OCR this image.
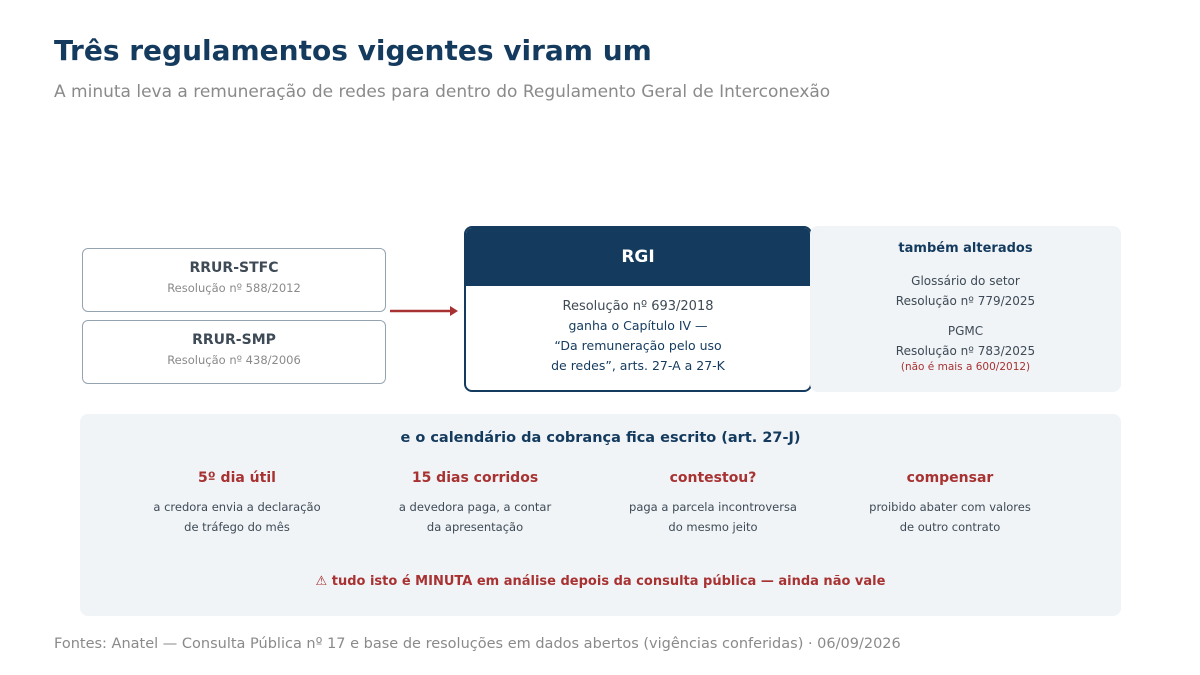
Três regulamentos vigentes viram um
A minuta leva a remuneração de redes para dentro do Regulamento Geral de Interconexão
RRUR-STFC
Resolução nº 588/2012
RRUR-SMP
Resolução nº 438/2006
RGI
Resolução nº 693/2018
ganha o Capítulo IV —
“Da remuneração pelo uso
de redes”, arts. 27-A a 27-K
também alterados
Glossário do setor
Resolução nº 779/2025
PGMC
Resolução nº 783/2025
(não é mais a 600/2012)
e o calendário da cobrança fica escrito (art. 27-J)
5º dia útil
a credora envia a declaração
de tráfego do mês
15 dias corridos
a devedora paga, a contar
da apresentação
contestou?
paga a parcela incontroversa
do mesmo jeito
compensar
proibido abater com valores
de outro contrato
⚠ tudo isto é MINUTA em análise depois da consulta pública — ainda não vale
Fontes: Anatel — Consulta Pública nº 17 e base de resoluções em dados abertos (vigências conferidas) · 06/09/2026
